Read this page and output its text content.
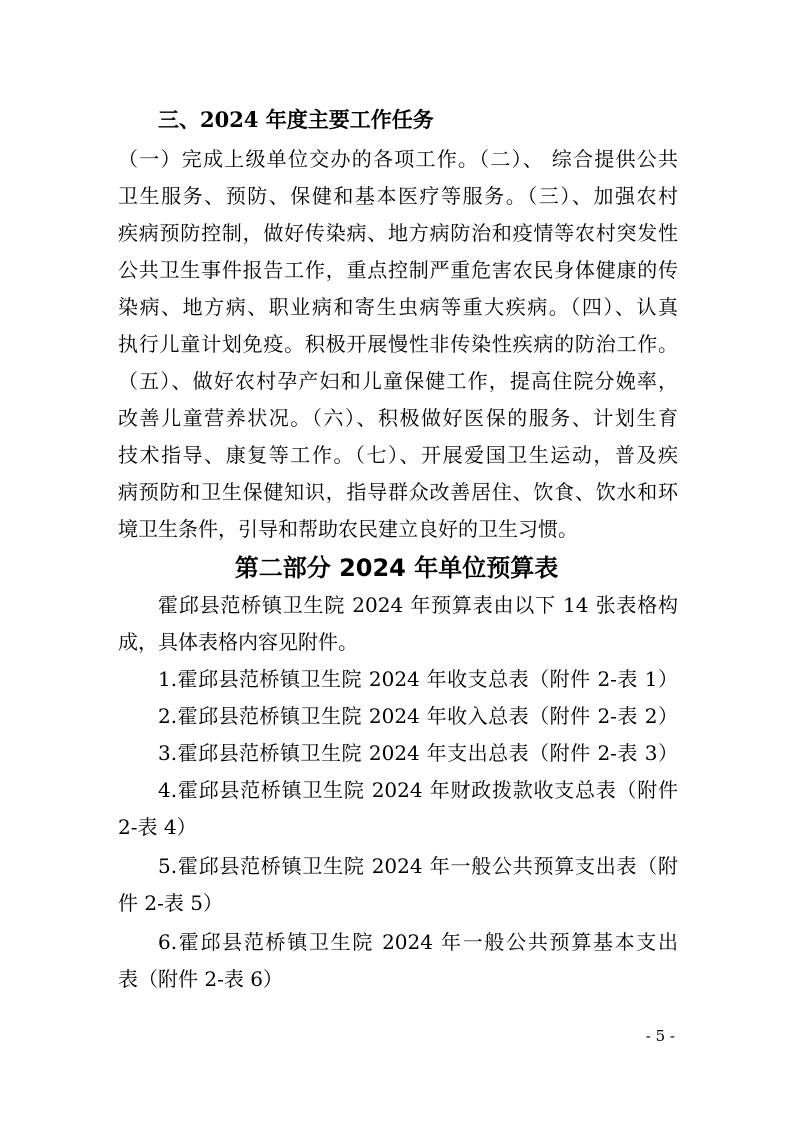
三、2024 年度主要工作任务
（一）完成上级单位交办的各项工作。（二）、 综合提供公共
卫生服务、预防、保健和基本医疗等服务。（三）、加强农村
疾病预防控制，做好传染病、地方病防治和疫情等农村突发性
公共卫生事件报告工作，重点控制严重危害农民身体健康的传
染病、地方病、职业病和寄生虫病等重大疾病。（四）、认真
执行儿童计划免疫。积极开展慢性非传染性疾病的防治工作。
（五）、做好农村孕产妇和儿童保健工作，提高住院分娩率，
改善儿童营养状况。（六）、积极做好医保的服务、计划生育
技术指导、康复等工作。（七）、开展爱国卫生运动，普及疾
病预防和卫生保健知识，指导群众改善居住、饮食、饮水和环
境卫生条件，引导和帮助农民建立良好的卫生习惯。
第二部分 2024 年单位预算表
霍邱县范桥镇卫生院 2024 年预算表由以下 14 张表格构
成，具体表格内容见附件。
1.霍邱县范桥镇卫生院 2024 年收支总表（附件 2-表 1）
2.霍邱县范桥镇卫生院 2024 年收入总表（附件 2-表 2）
3.霍邱县范桥镇卫生院 2024 年支出总表（附件 2-表 3）
4.霍邱县范桥镇卫生院 2024 年财政拨款收支总表（附件
2-表 4）
5.霍邱县范桥镇卫生院 2024 年一般公共预算支出表（附
件 2-表 5）
6.霍邱县范桥镇卫生院 2024 年一般公共预算基本支出
表（附件 2-表 6）
- 5 -
